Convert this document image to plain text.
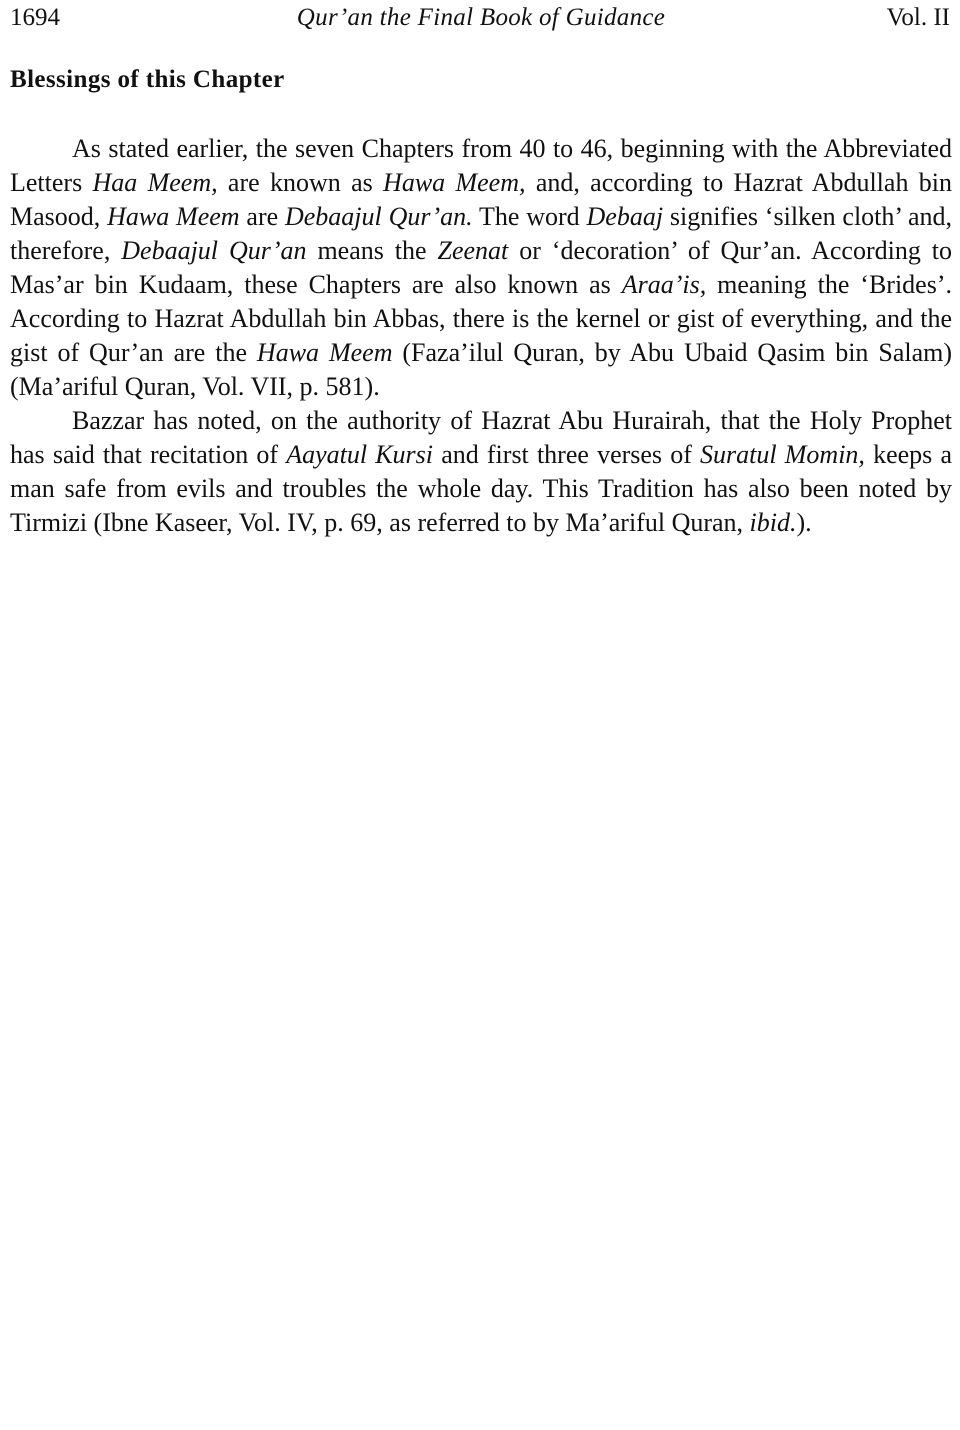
1694	Qur’an the Final Book of Guidance	Vol. II
Blessings of this Chapter

As stated earlier, the seven Chapters from 40 to 46, beginning with the Abbreviated Letters Haa Meem, are known as Hawa Meem, and, according to Hazrat Abdullah bin Masood, Hawa Meem are Debaajul Qur’an. The word Debaaj signifies ‘silken cloth’ and, therefore, Debaajul Qur’an means the Zeenat or ‘decoration’ of Qur’an. According to Mas’ar bin Kudaam, these Chapters are also known as Araa’is, meaning the ‘Brides’. According to Hazrat Abdullah bin Abbas, there is the kernel or gist of everything, and the gist of Qur’an are the Hawa Meem (Faza’ilul Quran, by Abu Ubaid Qasim bin Salam) (Ma’ariful Quran, Vol. VII, p. 581).

Bazzar has noted, on the authority of Hazrat Abu Hurairah, that the Holy Prophet has said that recitation of Aayatul Kursi and first three verses of Suratul Momin, keeps a man safe from evils and troubles the whole day. This Tradition has also been noted by Tirmizi (Ibne Kaseer, Vol. IV, p. 69, as referred to by Ma’ariful Quran, ibid.).
